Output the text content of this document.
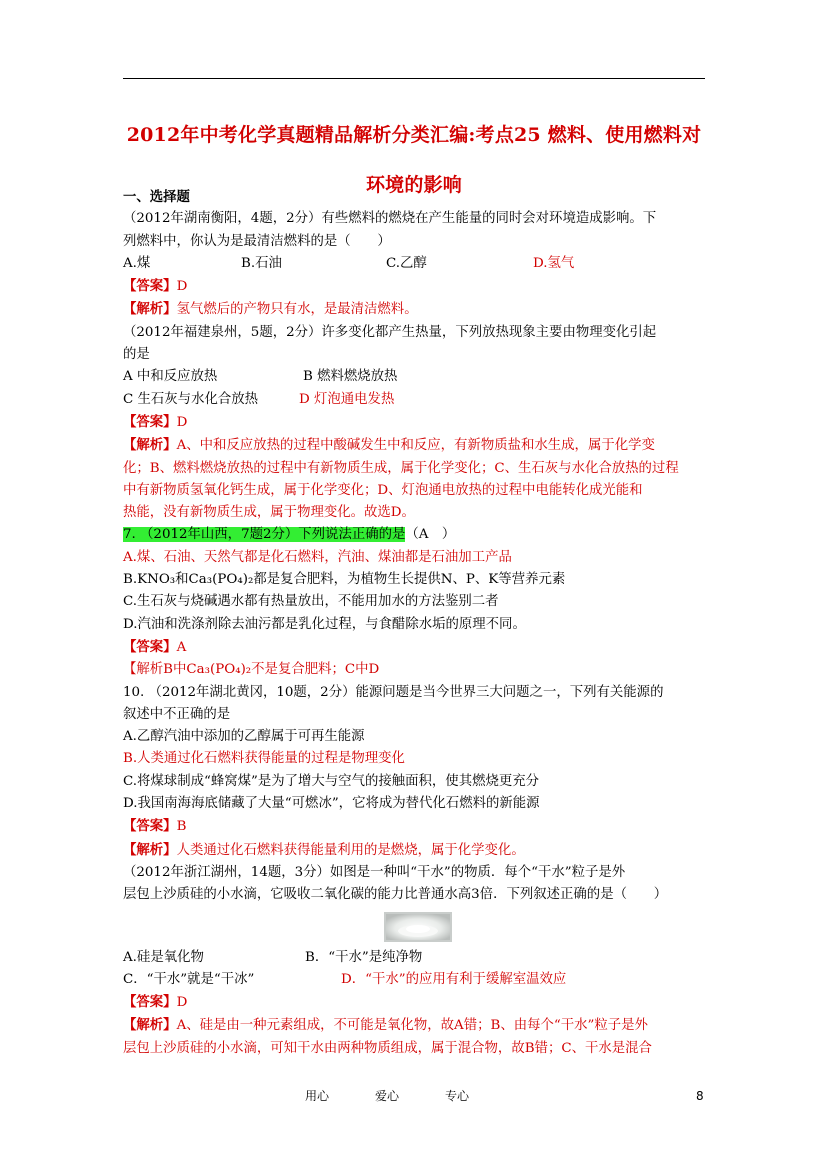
2012年中考化学真题精品解析分类汇编:考点25 燃料、使用燃料对
环境的影响
一、选择题
（2012年湖南衡阳，4题，2分）有些燃料的燃烧在产生能量的同时会对环境造成影响。下
列燃料中，你认为是最清洁燃料的是（　　）
A.煤	B.石油	C.乙醇	D.氢气
【答案】D
【解析】氢气燃后的产物只有水，是最清洁燃料。
（2012年福建泉州，5题，2分）许多变化都产生热量，下列放热现象主要由物理变化引起
的是
A 中和反应放热	B 燃料燃烧放热
C 生石灰与水化合放热	D 灯泡通电发热
【答案】D
【解析】A、中和反应放热的过程中酸碱发生中和反应，有新物质盐和水生成，属于化学变
化；B、燃料燃烧放热的过程中有新物质生成，属于化学变化；C、生石灰与水化合放热的过程
中有新物质氢氧化钙生成，属于化学变化；D、灯泡通电放热的过程中电能转化成光能和
热能，没有新物质生成，属于物理变化。故选D。
7. （2012年山西，7题2分）下列说法正确的是（A　）
A.煤、石油、天然气都是化石燃料，汽油、煤油都是石油加工产品
B.KNO₃和Ca₃(PO₄)₂都是复合肥料，为植物生长提供N、P、K等营养元素
C.生石灰与烧碱遇水都有热量放出，不能用加水的方法鉴别二者
D.汽油和洗涤剂除去油污都是乳化过程，与食醋除水垢的原理不同。
【答案】A
【解析B中Ca₃(PO₄)₂不是复合肥料；C中D
10. （2012年湖北黄冈，10题，2分）能源问题是当今世界三大问题之一，下列有关能源的
叙述中不正确的是
A.乙醇汽油中添加的乙醇属于可再生能源
B.人类通过化石燃料获得能量的过程是物理变化
C.将煤球制成“蜂窝煤”是为了增大与空气的接触面积，使其燃烧更充分
D.我国南海海底储藏了大量“可燃冰”，它将成为替代化石燃料的新能源
【答案】B
【解析】人类通过化石燃料获得能量利用的是燃烧，属于化学变化。
（2012年浙江湖州，14题，3分）如图是一种叫“干水”的物质．每个“干水”粒子是外
层包上沙质硅的小水滴，它吸收二氧化碳的能力比普通水高3倍．下列叙述正确的是（　　）
A.硅是氧化物	B．“干水”是纯净物
C．“干水”就是“干冰”	D．“干水”的应用有利于缓解室温效应
【答案】D
【解析】A、硅是由一种元素组成，不可能是氧化物，故A错；B、由每个“干水”粒子是外
层包上沙质硅的小水滴，可知干水由两种物质组成，属于混合物，故B错；C、干水是混合
用心	爱心	专心	8
